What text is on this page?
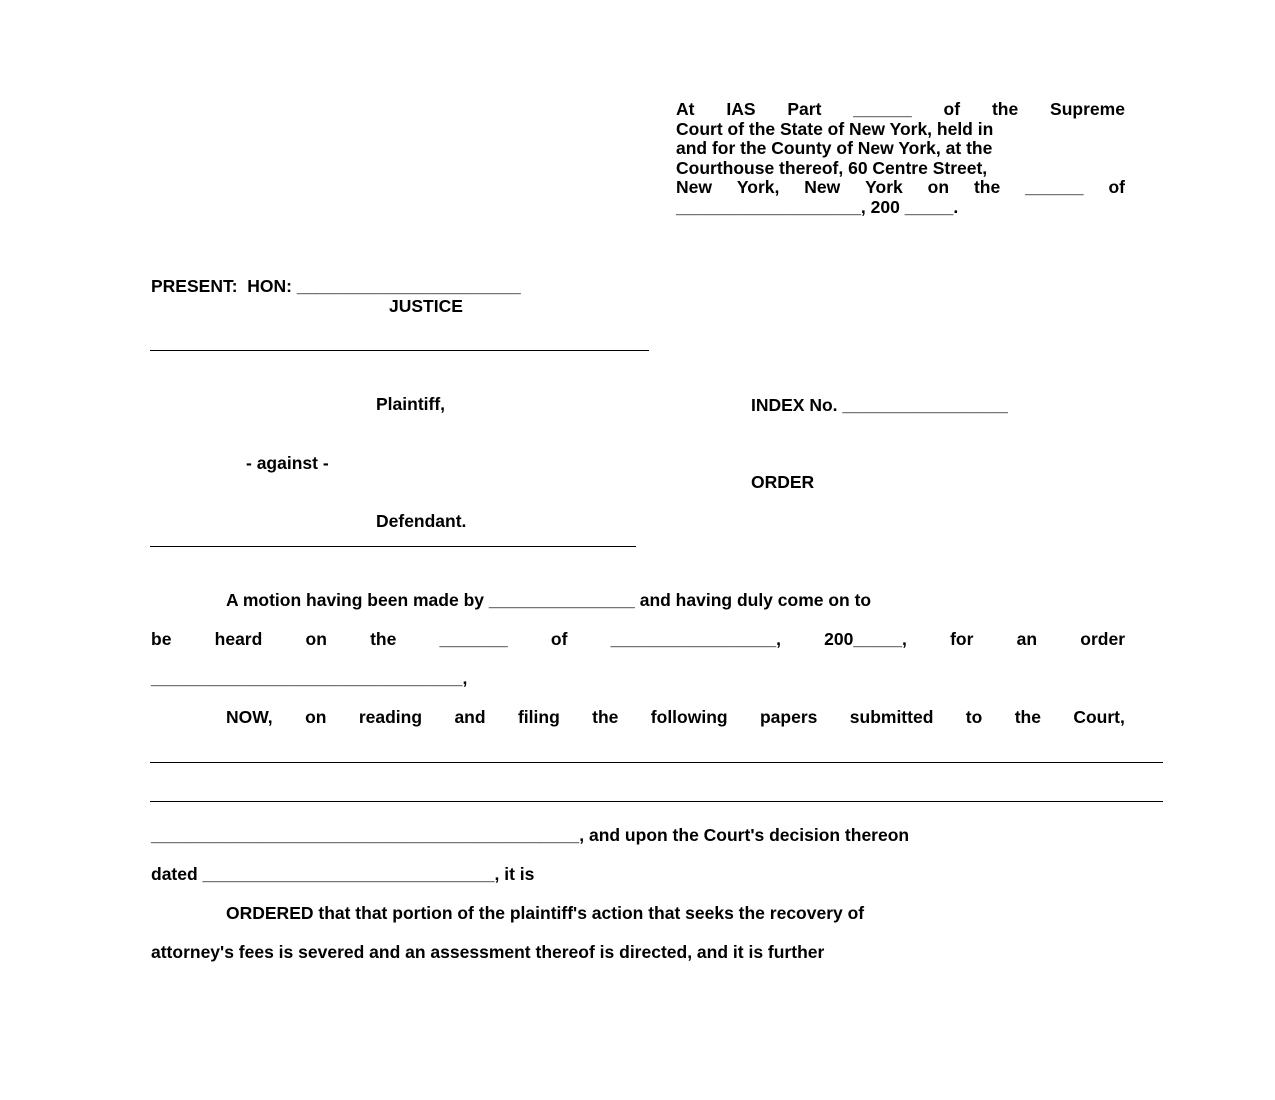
At IAS Part ______ of the Supreme
Court of the State of New York, held in
and for the County of New York, at the
Courthouse thereof, 60 Centre Street,
New York, New York on the ______ of
___________________, 200 _____.
PRESENT:  HON: _______________________
JUSTICE
Plaintiff,	INDEX No. _________________
- against -
ORDER
Defendant.
A motion having been made by _______________ and having duly come on to
be heard on the _______ of _________________, 200_____, for an order
________________________________,
NOW, on reading and filing the following papers submitted to the Court,
____________________________________________, and upon the Court's decision thereon
dated ______________________________, it is
ORDERED that that portion of the plaintiff's action that seeks the recovery of
attorney's fees is severed and an assessment thereof is directed, and it is further
